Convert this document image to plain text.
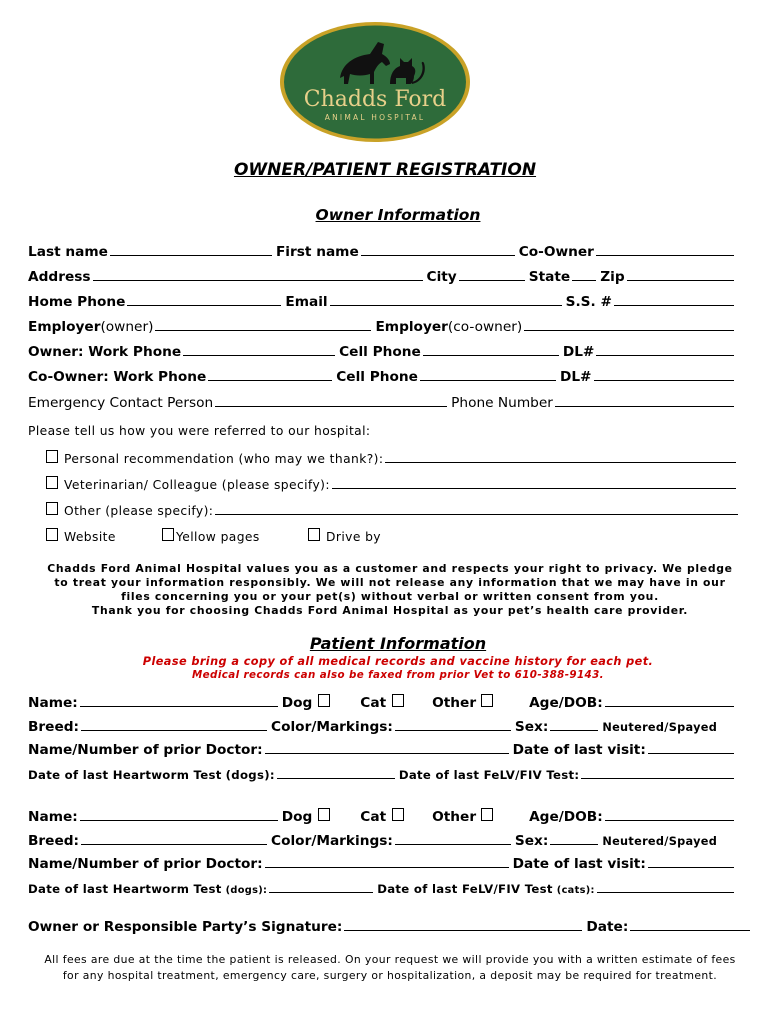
Chadds Ford
ANIMAL HOSPITAL
OWNER/PATIENT REGISTRATION
Owner Information
Last name	First name	Co-Owner
Address	City	State Zip
Home Phone	Email	S.S. #
Employer (owner)	Employer (co-owner)
Owner: Work Phone	Cell Phone	DL#
Co-Owner: Work Phone	Cell Phone	DL#
Emergency Contact Person	Phone Number
Please tell us how you were referred to our hospital:
Personal recommendation (who may we thank?):
Veterinarian/ Colleague (please specify):
Other (please specify):
Website	Yellow pages	Drive by
Chadds Ford Animal Hospital values you as a customer and respects your right to privacy. We pledge
to treat your information responsibly. We will not release any information that we may have in our
files concerning you or your pet(s) without verbal or written consent from you.
Thank you for choosing Chadds Ford Animal Hospital as your pet’s health care provider.
Patient Information
Please bring a copy of all medical records and vaccine history for each pet.
Medical records can also be faxed from prior Vet to 610-388-9143.
Name:	Dog	Cat	Other	Age/DOB:
Breed:	Color/Markings:	Sex:	Neutered/Spayed
Name/Number of prior Doctor:	Date of last visit:
Date of last Heartworm Test (dogs):	Date of last FeLV/FIV Test:
Name:	Dog	Cat	Other	Age/DOB:
Breed:	Color/Markings:	Sex:	Neutered/Spayed
Name/Number of prior Doctor:	Date of last visit:
Date of last Heartworm Test (dogs):	Date of last FeLV/FIV Test (cats):
Owner or Responsible Party’s Signature:	Date:
All fees are due at the time the patient is released. On your request we will provide you with a written estimate of fees
for any hospital treatment, emergency care, surgery or hospitalization, a deposit may be required for treatment.
